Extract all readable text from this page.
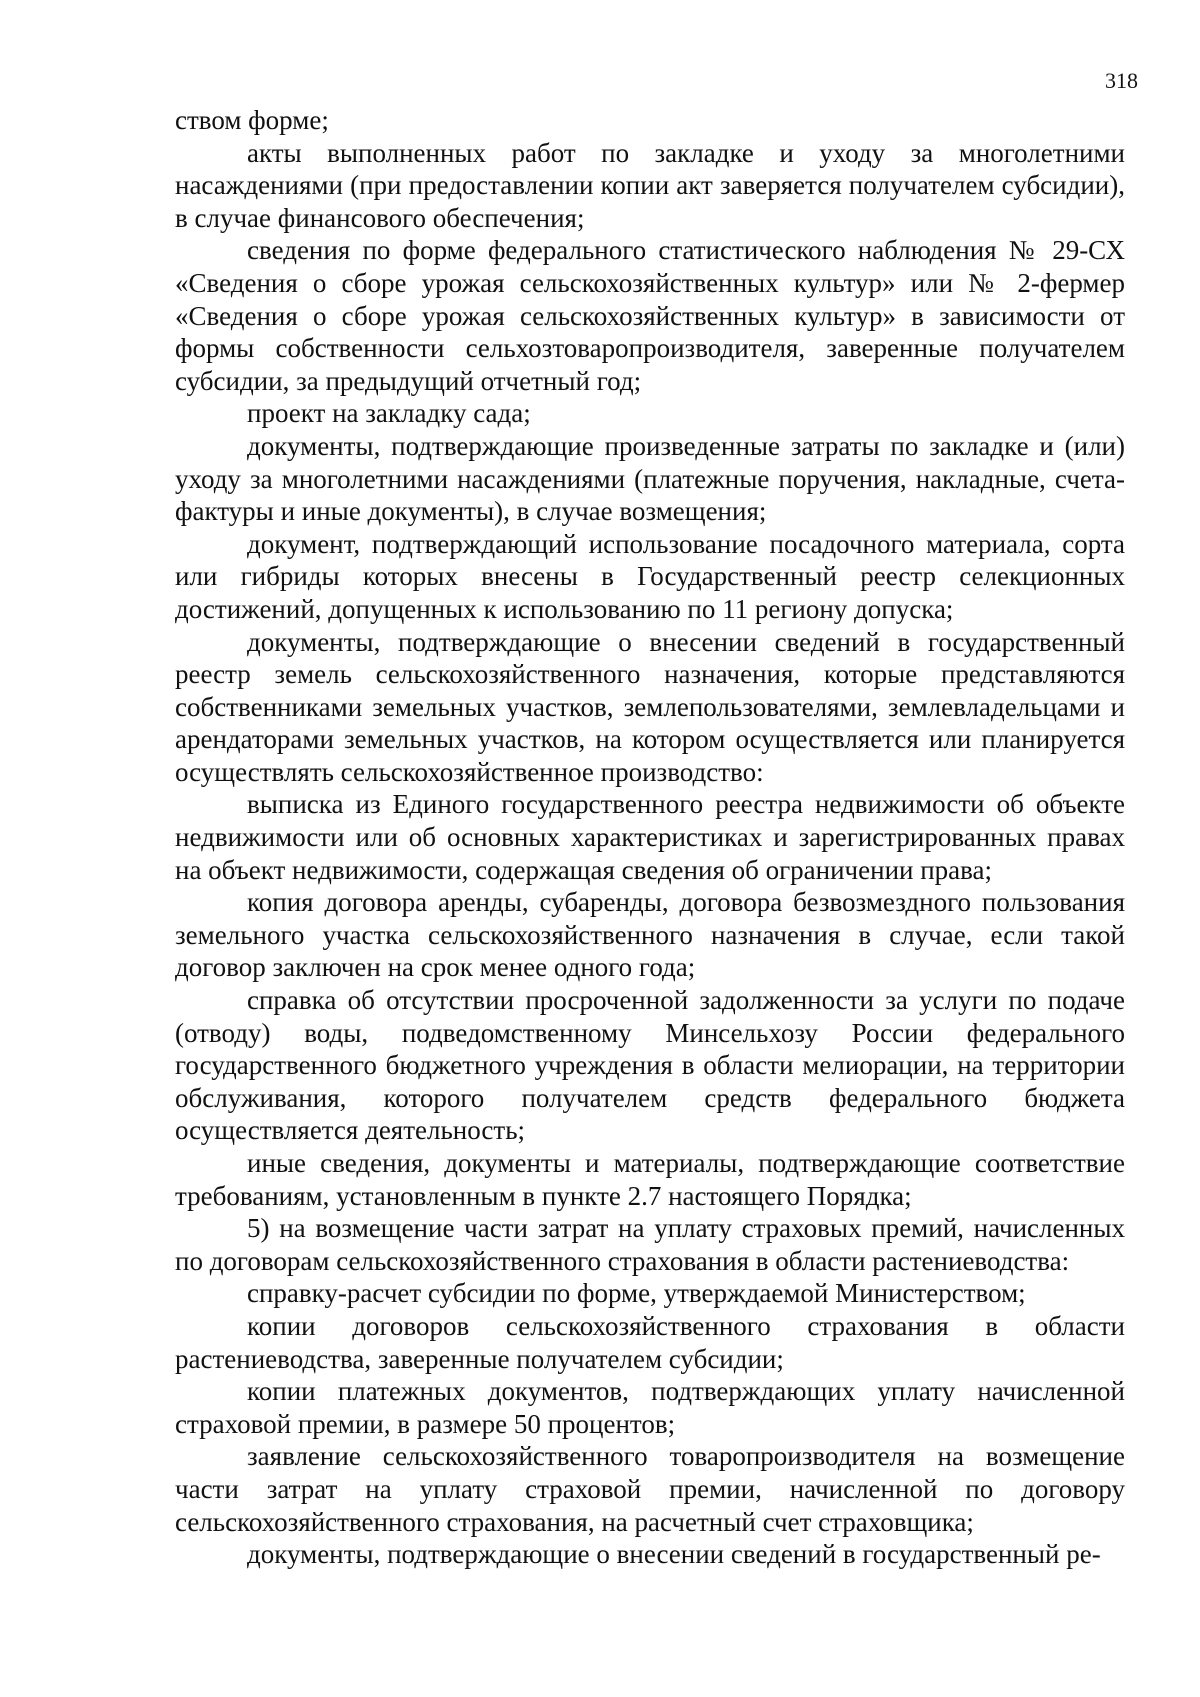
318

ством форме;

акты выполненных работ по закладке и уходу за многолетними насаждениями (при предоставлении копии акт заверяется получателем субсидии), в случае финансового обеспечения;

сведения по форме федерального статистического наблюдения № 29-СХ «Сведения о сборе урожая сельскохозяйственных культур» или № 2-фермер «Сведения о сборе урожая сельскохозяйственных культур» в зависимости от формы собственности сельхозтоваропроизводителя, заверенные получателем субсидии, за предыдущий отчетный год;

проект на закладку сада;

документы, подтверждающие произведенные затраты по закладке и (или) уходу за многолетними насаждениями (платежные поручения, накладные, счета-фактуры и иные документы), в случае возмещения;

документ, подтверждающий использование посадочного материала, сорта или гибриды которых внесены в Государственный реестр селекционных достижений, допущенных к использованию по 11 региону допуска;

документы, подтверждающие о внесении сведений в государственный реестр земель сельскохозяйственного назначения, которые представляются собственниками земельных участков, землепользователями, землевладельцами и арендаторами земельных участков, на котором осуществляется или планируется осуществлять сельскохозяйственное производство:

выписка из Единого государственного реестра недвижимости об объекте недвижимости или об основных характеристиках и зарегистрированных правах на объект недвижимости, содержащая сведения об ограничении права;

копия договора аренды, субаренды, договора безвозмездного пользования земельного участка сельскохозяйственного назначения в случае, если такой договор заключен на срок менее одного года;

справка об отсутствии просроченной задолженности за услуги по подаче (отводу) воды, подведомственному Минсельхозу России федерального государственного бюджетного учреждения в области мелиорации, на территории обслуживания, которого получателем средств федерального бюджета осуществляется деятельность;

иные сведения, документы и материалы, подтверждающие соответствие требованиям, установленным в пункте 2.7 настоящего Порядка;

5) на возмещение части затрат на уплату страховых премий, начисленных по договорам сельскохозяйственного страхования в области растениеводства:

справку-расчет субсидии по форме, утверждаемой Министерством;

копии договоров сельскохозяйственного страхования в области растениеводства, заверенные получателем субсидии;

копии платежных документов, подтверждающих уплату начисленной страховой премии, в размере 50 процентов;

заявление сельскохозяйственного товаропроизводителя на возмещение части затрат на уплату страховой премии, начисленной по договору сельскохозяйственного страхования, на расчетный счет страховщика;

документы, подтверждающие о внесении сведений в государственный ре-
